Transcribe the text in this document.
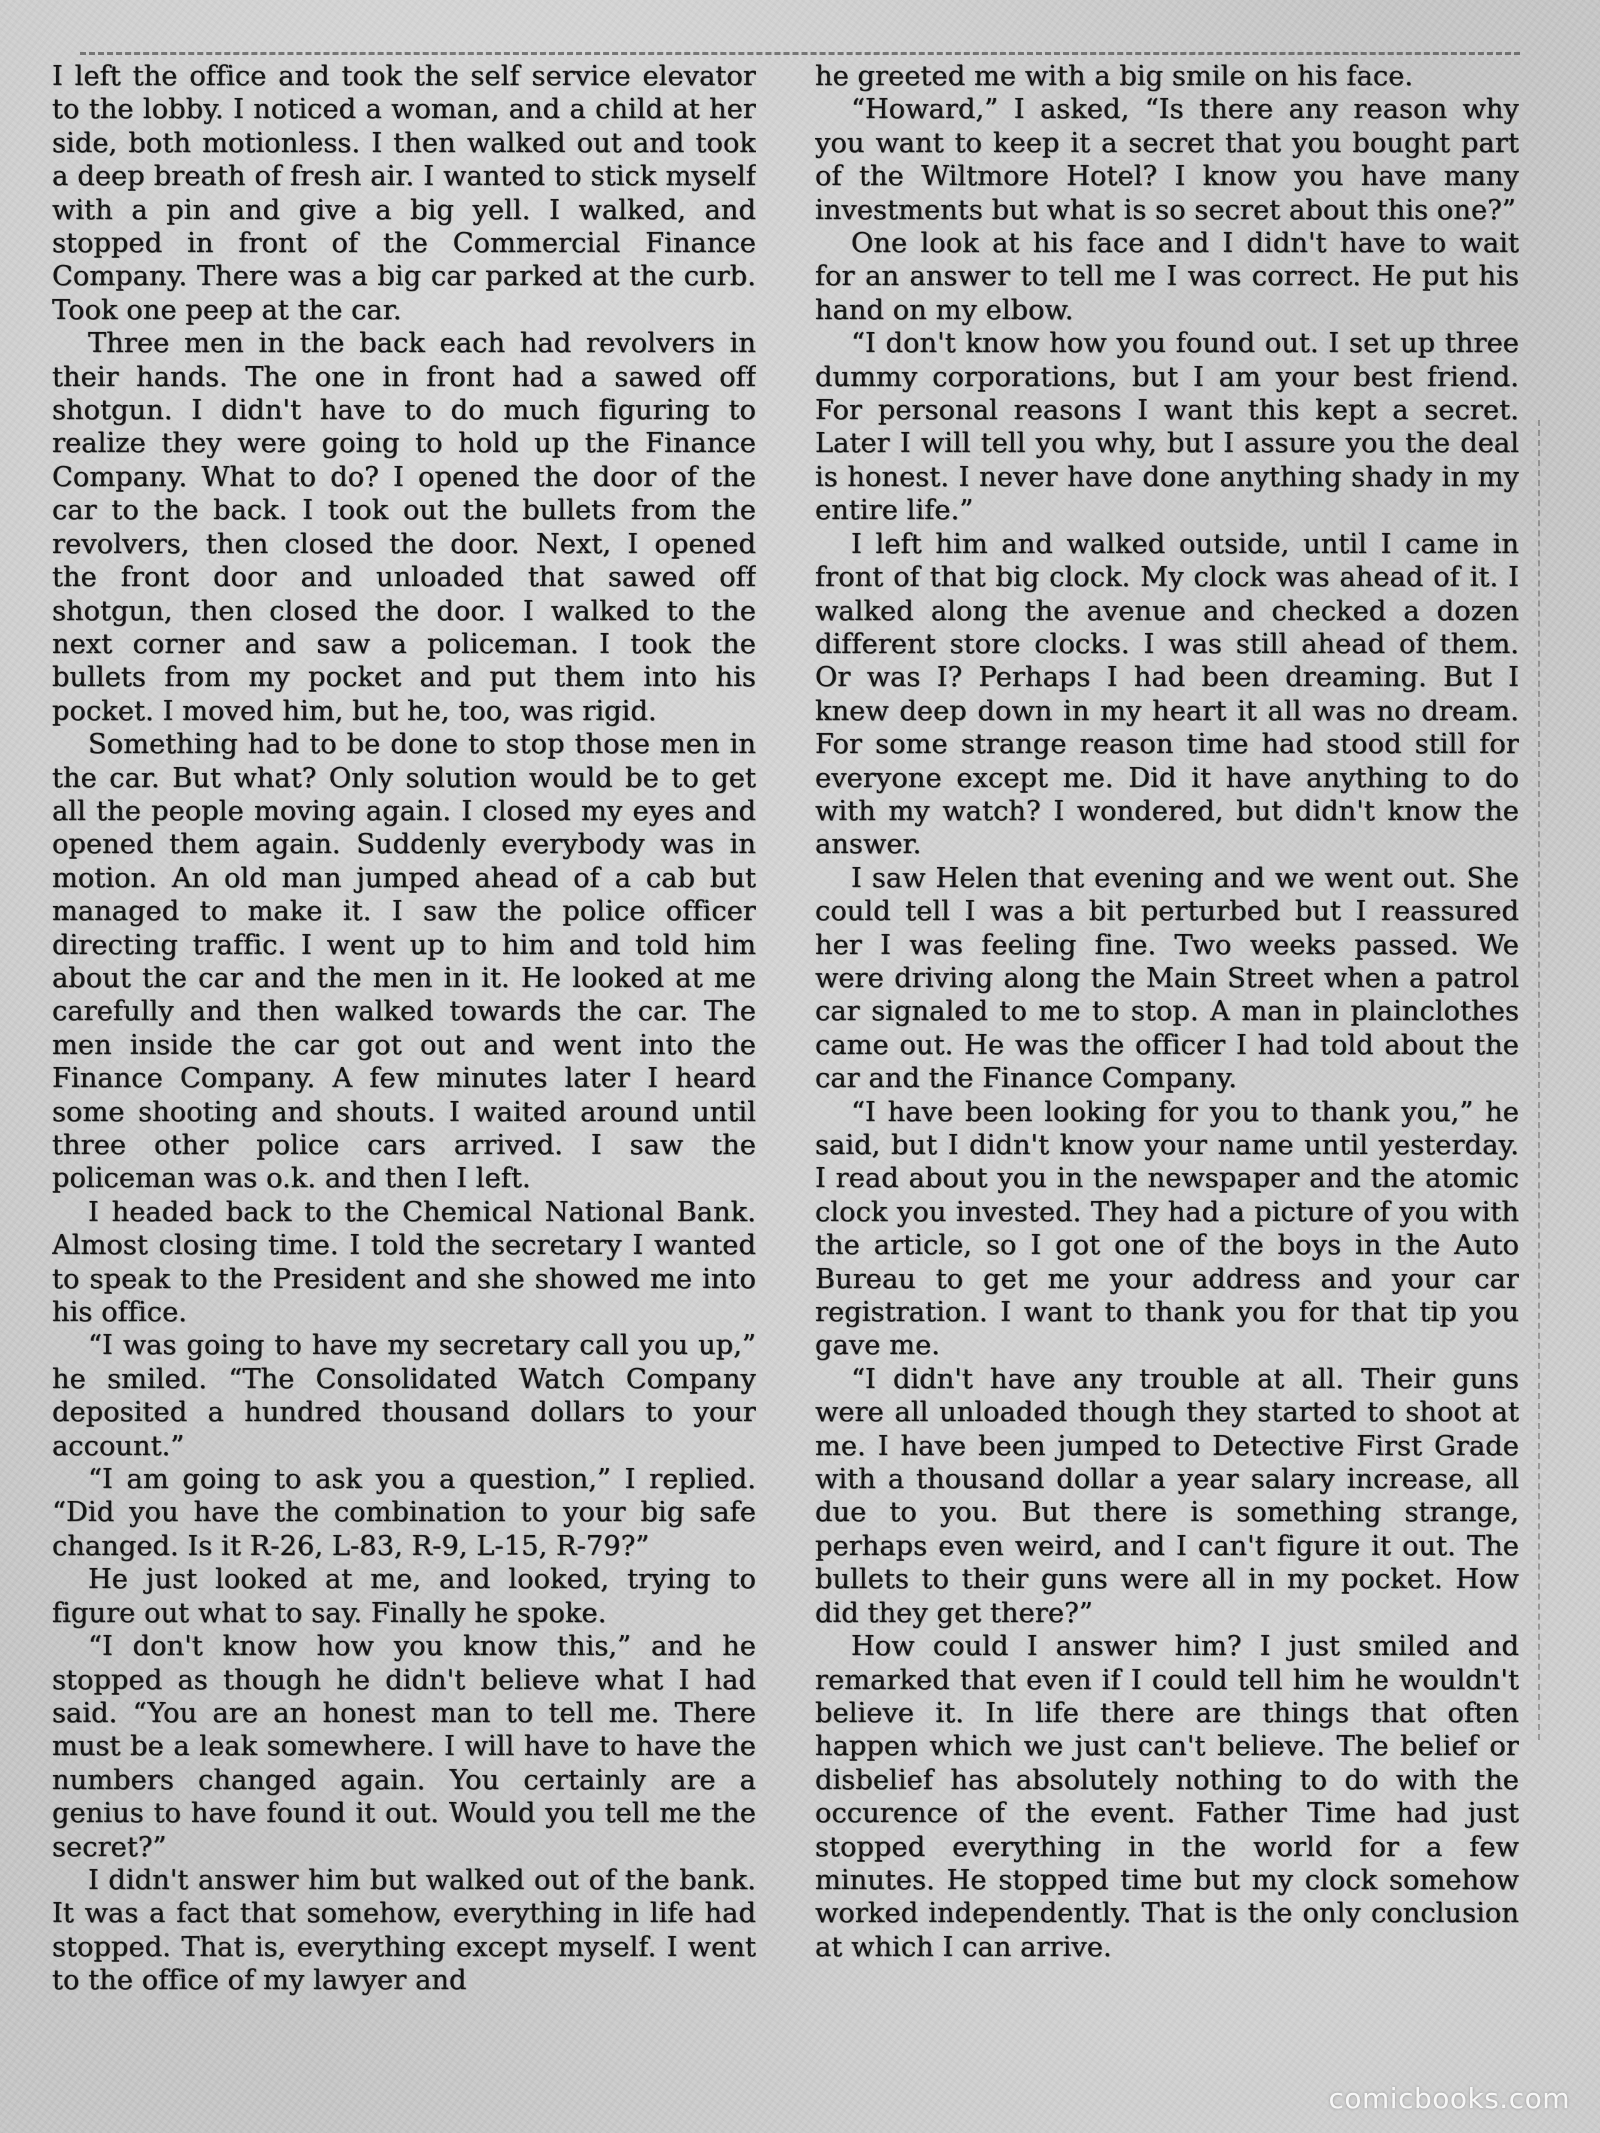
I left the office and took the self service elevator to the lobby. I noticed a woman, and a child at her side, both motionless. I then walked out and took a deep breath of fresh air. I wanted to stick myself with a pin and give a big yell. I walked, and stopped in front of the Commercial Finance Company. There was a big car parked at the curb. Took one peep at the car.

Three men in the back each had revolvers in their hands. The one in front had a sawed off shotgun. I didn't have to do much figuring to realize they were going to hold up the Finance Company. What to do? I opened the door of the car to the back. I took out the bullets from the revolvers, then closed the door. Next, I opened the front door and unloaded that sawed off shotgun, then closed the door. I walked to the next corner and saw a policeman. I took the bullets from my pocket and put them into his pocket. I moved him, but he, too, was rigid.

Something had to be done to stop those men in the car. But what? Only solution would be to get all the people moving again. I closed my eyes and opened them again. Suddenly everybody was in motion. An old man jumped ahead of a cab but managed to make it. I saw the police officer directing traffic. I went up to him and told him about the car and the men in it. He looked at me carefully and then walked towards the car. The men inside the car got out and went into the Finance Company. A few minutes later I heard some shooting and shouts. I waited around until three other police cars arrived. I saw the policeman was o.k. and then I left.

I headed back to the Chemical National Bank. Almost closing time. I told the secretary I wanted to speak to the President and she showed me into his office.

“I was going to have my secretary call you up,” he smiled. “The Consolidated Watch Company deposited a hundred thousand dollars to your account.”

“I am going to ask you a question,” I replied. “Did you have the combination to your big safe changed. Is it R-26, L-83, R-9, L-15, R-79?”

He just looked at me, and looked, trying to figure out what to say. Finally he spoke.

“I don't know how you know this,” and he stopped as though he didn't believe what I had said. “You are an honest man to tell me. There must be a leak somewhere. I will have to have the numbers changed again. You certainly are a genius to have found it out. Would you tell me the secret?”

I didn't answer him but walked out of the bank. It was a fact that somehow, everything in life had stopped. That is, everything except myself. I went to the office of my lawyer and

he greeted me with a big smile on his face.

“Howard,” I asked, “Is there any reason why you want to keep it a secret that you bought part of the Wiltmore Hotel? I know you have many investments but what is so secret about this one?”

One look at his face and I didn't have to wait for an answer to tell me I was correct. He put his hand on my elbow.

“I don't know how you found out. I set up three dummy corporations, but I am your best friend. For personal reasons I want this kept a secret. Later I will tell you why, but I assure you the deal is honest. I never have done anything shady in my entire life.”

I left him and walked outside, until I came in front of that big clock. My clock was ahead of it. I walked along the avenue and checked a dozen different store clocks. I was still ahead of them. Or was I? Perhaps I had been dreaming. But I knew deep down in my heart it all was no dream. For some strange reason time had stood still for everyone except me. Did it have anything to do with my watch? I wondered, but didn't know the answer.

I saw Helen that evening and we went out. She could tell I was a bit perturbed but I reassured her I was feeling fine. Two weeks passed. We were driving along the Main Street when a patrol car signaled to me to stop. A man in plainclothes came out. He was the officer I had told about the car and the Finance Company.

“I have been looking for you to thank you,” he said, but I didn't know your name until yesterday. I read about you in the newspaper and the atomic clock you invested. They had a picture of you with the article, so I got one of the boys in the Auto Bureau to get me your address and your car registration. I want to thank you for that tip you gave me.

“I didn't have any trouble at all. Their guns were all unloaded though they started to shoot at me. I have been jumped to Detective First Grade with a thousand dollar a year salary increase, all due to you. But there is something strange, perhaps even weird, and I can't figure it out. The bullets to their guns were all in my pocket. How did they get there?”

How could I answer him? I just smiled and remarked that even if I could tell him he wouldn't believe it. In life there are things that often happen which we just can't believe. The belief or disbelief has absolutely nothing to do with the occurence of the event. Father Time had just stopped everything in the world for a few minutes. He stopped time but my clock somehow worked independently. That is the only conclusion at which I can arrive.

comicbooks.com
